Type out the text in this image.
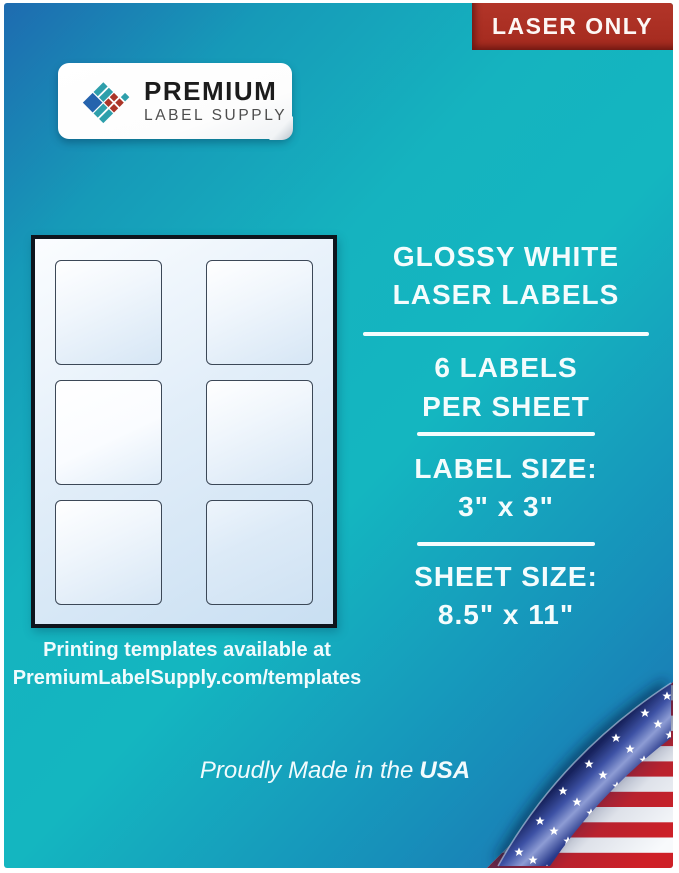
LASER ONLY
PREMIUM
LABEL SUPPLY
Printing templates available at
PremiumLabelSupply.com/templates
GLOSSY WHITE
LASER LABELS
6 LABELS
PER SHEET
LABEL SIZE:
3" x 3"
SHEET SIZE:
8.5" x 11"
Proudly Made in the USA
